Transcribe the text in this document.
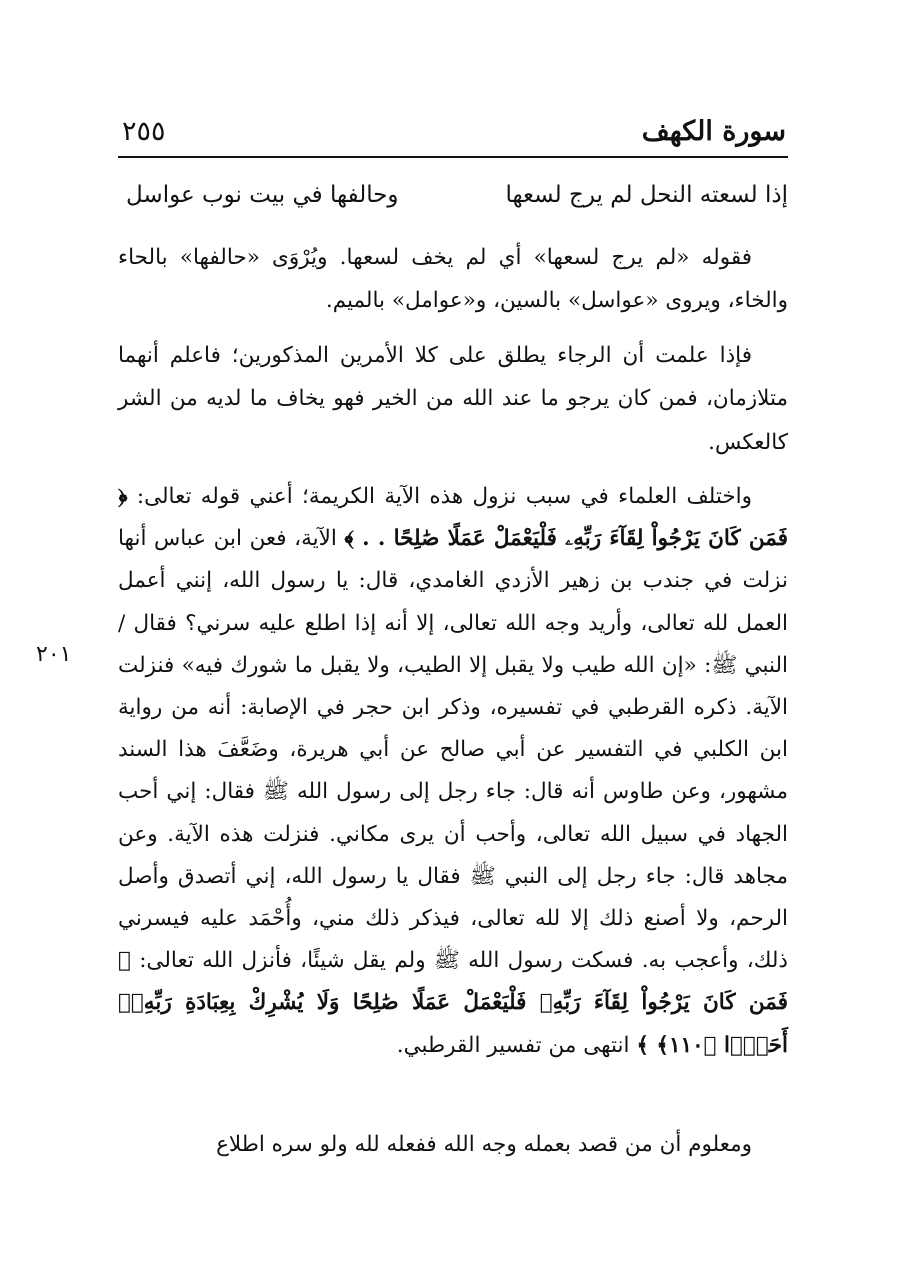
٢٥٥	سورة الكهف
إذا لسعته النحل لم يرج لسعها
وحالفها في بيت نوب عواسل

فقوله «لم يرج لسعها» أي لم يخف لسعها. ويُرْوَى «حالفها» بالحاء والخاء، ويروى «عواسل» بالسين، و«عوامل» بالميم.

فإذا علمت أن الرجاء يطلق على كلا الأمرين المذكورين؛ فاعلم أنهما متلازمان، فمن كان يرجو ما عند الله من الخير فهو يخاف ما لديه من الشر كالعكس.

واختلف العلماء في سبب نزول هذه الآية الكريمة؛ أعني قوله تعالى: ﴿ فَمَن كَانَ يَرْجُواْ لِقَآءَ رَبِّهِۦ فَلْيَعْمَلْ عَمَلًا صَٰلِحًا . . ﴾ الآية، فعن ابن عباس أنها نزلت في جندب بن زهير الأزدي الغامدي، قال: يا رسول الله، إنني أعمل العمل لله تعالى، وأريد وجه الله تعالى، إلا أنه إذا اطلع عليه سرني؟ فقال / النبي ﷺ: «إن الله طيب ولا يقبل إلا الطيب، ولا يقبل ما شورك فيه» فنزلت الآية. ذكره القرطبي في تفسيره، وذكر ابن حجر في الإصابة: أنه من رواية ابن الكلبي في التفسير عن أبي صالح عن أبي هريرة، وضَعَّفَ هذا السند مشهور، وعن طاوس أنه قال: جاء رجل إلى رسول الله ﷺ فقال: إني أحب الجهاد في سبيل الله تعالى، وأحب أن يرى مكاني. فنزلت هذه الآية. وعن مجاهد قال: جاء رجل إلى النبي ﷺ فقال يا رسول الله، إني أتصدق وأصل الرحم، ولا أصنع ذلك إلا لله تعالى، فيذكر ذلك مني، وأُحْمَد عليه فيسرني ذلك، وأعجب به. فسكت رسول الله ﷺ ولم يقل شيئًا، فأنزل الله تعالى: ﴿ فَمَن كَانَ يَرْجُواْ لِقَآءَ رَبِّهِۦ فَلْيَعْمَلْ عَمَلًا صَٰلِحًا وَلَا يُشْرِكْ بِعِبَادَةِ رَبِّهِۦٓ أَحَدًۢا ﴿١١٠﴾ ﴾ انتهى من تفسير القرطبي.

ومعلوم أن من قصد بعمله وجه الله ففعله لله ولو سره اطلاع

٢٠١
